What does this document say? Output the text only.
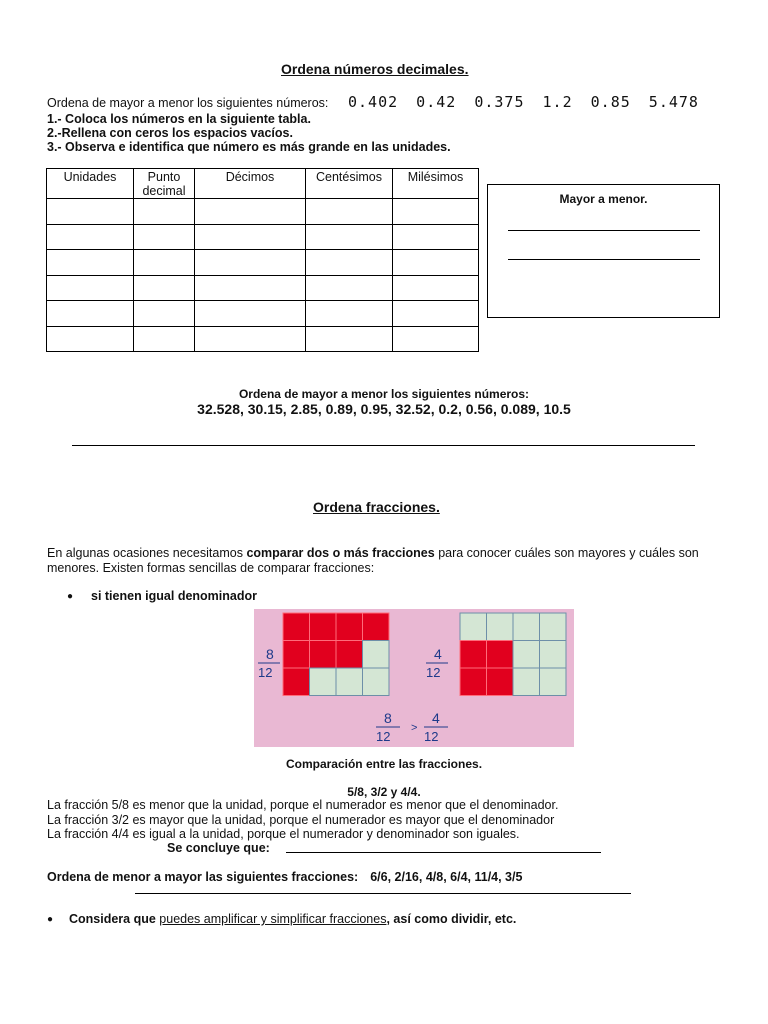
Ordena números decimales.
Ordena de mayor a menor los siguientes números: 0.402 0.42 0.375 1.2 0.85 5.478
1.- Coloca los números en la siguiente tabla.
2.-Rellena con ceros los espacios vacíos.
3.- Observa e identifica que número es más grande en las unidades.
Unidades	Punto decimal	Décimos	Centésimos	Milésimos

Mayor a menor.
Ordena de mayor a menor los siguientes números:
32.528, 30.15, 2.85, 0.89, 0.95, 32.52, 0.2, 0.56, 0.089, 10.5
Ordena fracciones.
En algunas ocasiones necesitamos comparar dos o más fracciones para conocer cuáles son mayores y cuáles son
menores. Existen formas sencillas de comparar fracciones:
● si tienen igual denominador
8
12
4
12
8
12
>
4
12
Comparación entre las fracciones.
5/8, 3/2 y 4/4.
La fracción 5/8 es menor que la unidad, porque el numerador es menor que el denominador.
La fracción 3/2 es mayor que la unidad, porque el numerador es mayor que el denominador
La fracción 4/4 es igual a la unidad, porque el numerador y denominador son iguales.
Se concluye que:
Ordena de menor a mayor las siguientes fracciones: 6/6, 2/16, 4/8, 6/4, 11/4, 3/5
● Considera que puedes amplificar y simplificar fracciones, así como dividir, etc.
